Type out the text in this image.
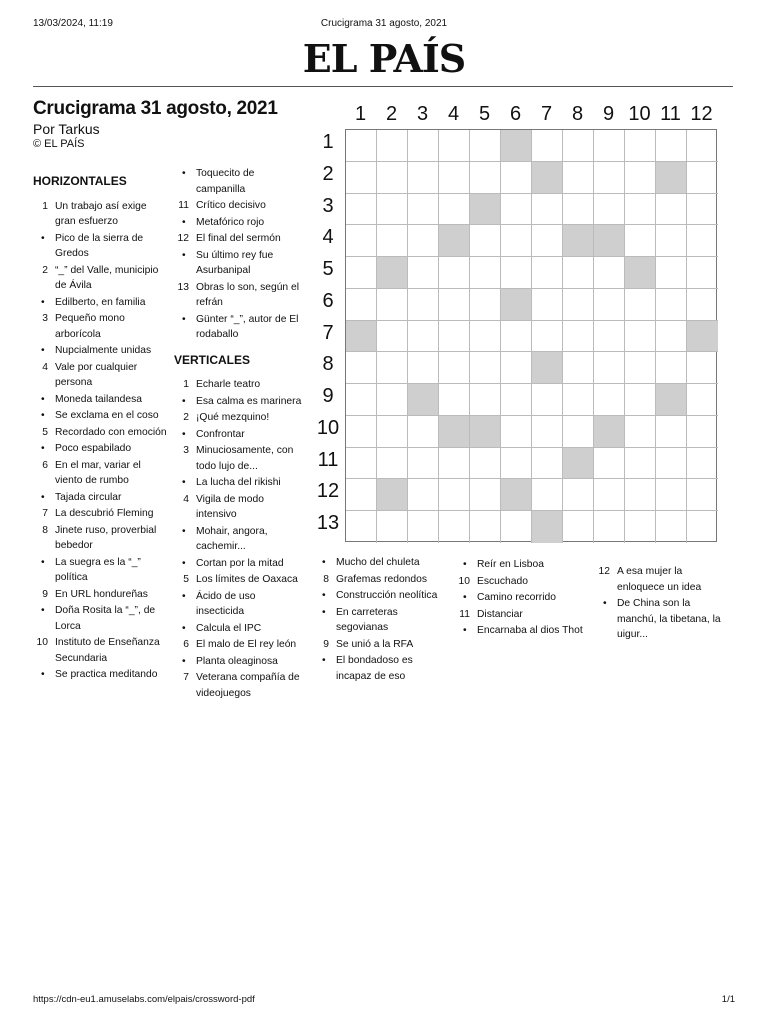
13/03/2024, 11:19	Crucigrama 31 agosto, 2021
EL PAÍS
Crucigrama 31 agosto, 2021
Por Tarkus
© EL PAÍS
HORIZONTALES
1 Un trabajo así exige gran esfuerzo
• Pico de la sierra de Gredos
2 “_” del Valle, municipio de Ávila
• Edilberto, en familia
3 Pequeño mono arborícola
• Nupcialmente unidas
4 Vale por cualquier persona
• Moneda tailandesa
• Se exclama en el coso
5 Recordado con emoción
• Poco espabilado
6 En el mar, variar el viento de rumbo
• Tajada circular
7 La descubrió Fleming
8 Jinete ruso, proverbial bebedor
• La suegra es la “_” política
9 En URL hondureñas
• Doña Rosita la “_”, de Lorca
10 Instituto de Enseñanza Secundaria
• Se practica meditando
• Toquecito de campanilla
11 Crítico decisivo
• Metafórico rojo
12 El final del sermón
• Su último rey fue Asurbanipal
13 Obras lo son, según el refrán
• Günter “_”, autor de El rodaballo
VERTICALES
1 Echarle teatro
• Esa calma es marinera
2 ¡Qué mezquino!
• Confrontar
3 Minuciosamente, con todo lujo de...
• La lucha del rikishi
4 Vigila de modo intensivo
• Mohair, angora, cachemir...
• Cortan por la mitad
5 Los límites de Oaxaca
• Ácido de uso insecticida
• Calcula el IPC
6 El malo de El rey león
• Planta oleaginosa
7 Veterana compañía de videojuegos
• Mucho del chuleta
8 Grafemas redondos
• Construcción neolítica
• En carreteras segovianas
9 Se unió a la RFA
• El bondadoso es incapaz de eso
• Reír en Lisboa
10 Escuchado
• Camino recorrido
11 Distanciar
• Encarnaba al dios Thot
12 A esa mujer la enloquece un idea
• De China son la manchú, la tibetana, la uigur...
1 2 3 4 5 6 7 8 9 10 11 12
1
2
3
4
5
6
7
8
9
10
11
12
13
https://cdn-eu1.amuselabs.com/elpais/crossword-pdf	1/1
